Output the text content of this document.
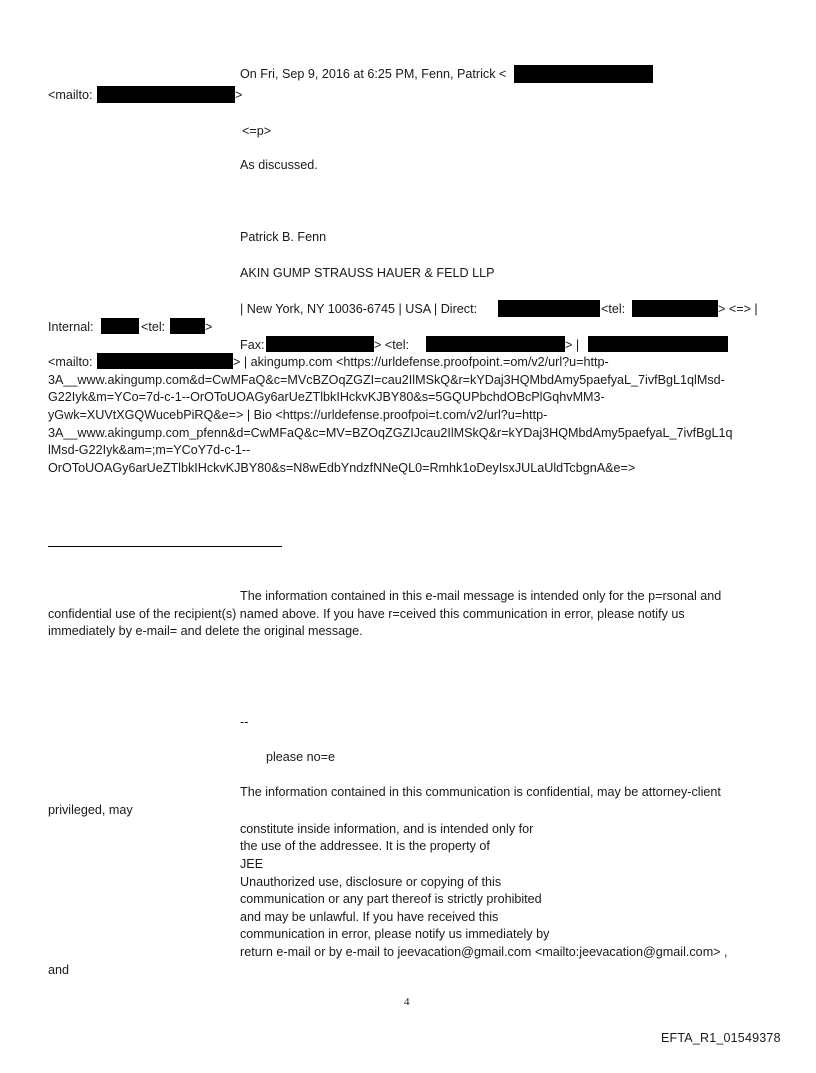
On Fri, Sep 9, 2016 at 6:25 PM, Fenn, Patrick <
<mailto:	>
<=p>
As discussed.
Patrick B. Fenn
AKIN GUMP STRAUSS HAUER & FELD LLP
| New York, NY 10036-6745 | USA | Direct:	<tel:	> <=> |
Internal:	<tel:	>
Fax:	> <tel:	> |
<mailto:	> | akingump.com <https://urldefense.proofpoint.=om/v2/url?u=http-
3A__www.akingump.com&d=CwMFaQ&c=MVcBZOqZGZI=cau2IlMSkQ&r=kYDaj3HQMbdAmy5paefyaL_7ivfBgL1qlMsd-
G22Iyk&m=YCo=7d-c-1--OrOToUOAGy6arUeZTlbkIHckvKJBY80&s=5GQUPbchdOBcPlGqhvMM3-
yGwk=XUVtXGQWucebPiRQ&e=> | Bio <https://urldefense.proofpoi=t.com/v2/url?u=http-
3A__www.akingump.com_pfenn&d=CwMFaQ&c=MV=BZOqZGZIJcau2IlMSkQ&r=kYDaj3HQMbdAmy5paefyaL_7ivfBgL1q
lMsd-G22Iyk&am=;m=YCoY7d-c-1--
OrOToUOAGy6arUeZTlbkIHckvKJBY80&s=N8wEdbYndzfNNeQL0=Rmhk1oDeyIsxJULaUldTcbgnA&e=>
The information contained in this e-mail message is intended only for the p=rsonal and
confidential use of the recipient(s) named above. If you have r=ceived this communication in error, please notify us
immediately by e-mail= and delete the original message.
--
please no=e
The information contained in this communication is confidential, may be attorney-client
privileged, may
constitute inside information, and is intended only for
the use of the addressee. It is the property of
JEE
Unauthorized use, disclosure or copying of this
communication or any part thereof is strictly prohibited
and may be unlawful. If you have received this
communication in error, please notify us immediately by
return e-mail or by e-mail to jeevacation@gmail.com <mailto:jeevacation@gmail.com> ,
and
4
EFTA_R1_01549378
